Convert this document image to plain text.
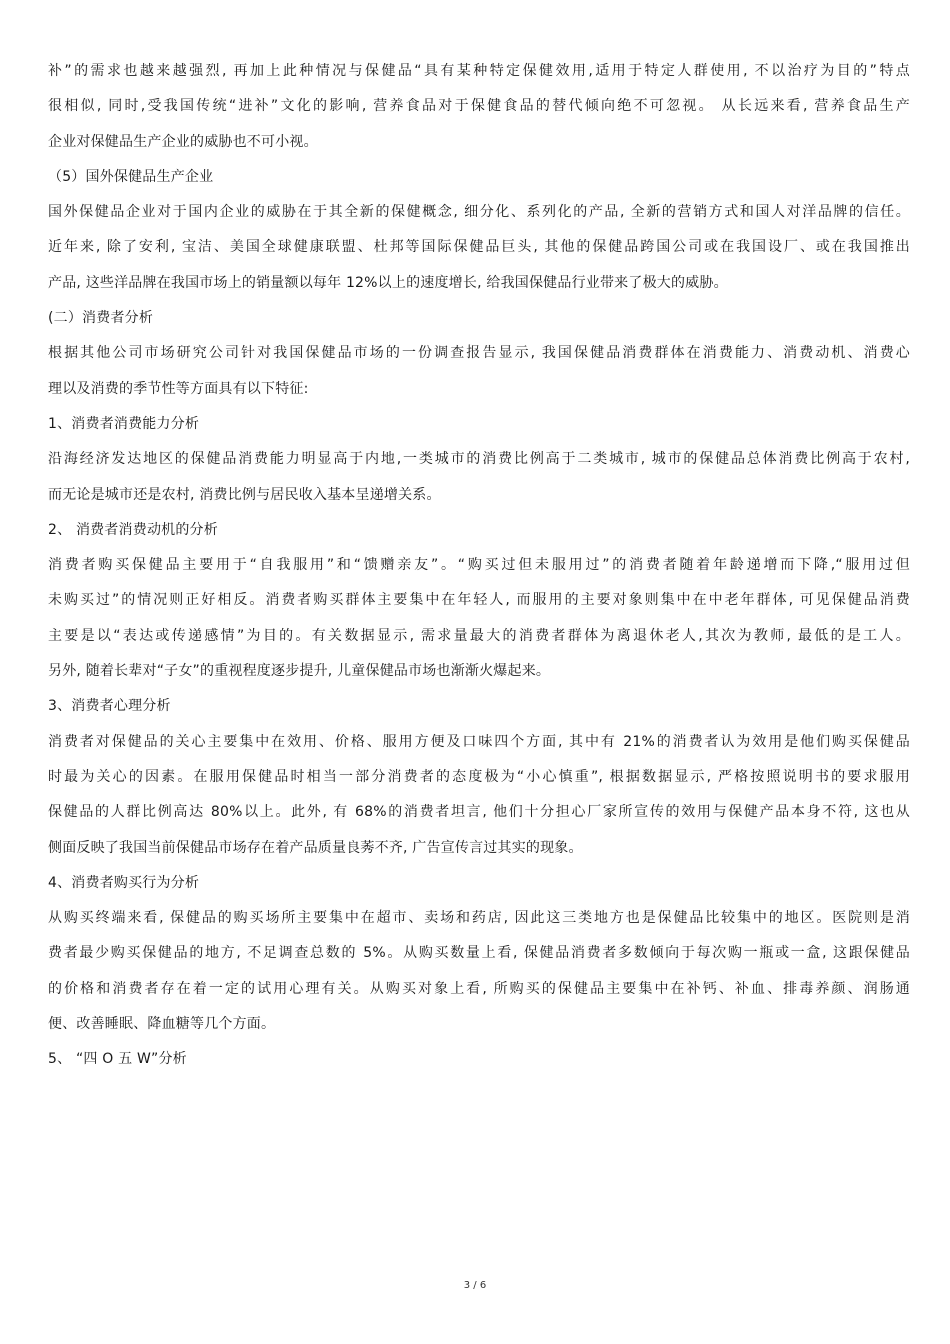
补”的需求也越来越强烈, 再加上此种情况与保健品“具有某种特定保健效用,适用于特定人群使用, 不以治疗为目的”特点
很相似, 同时,受我国传统“进补”文化的影响, 营养食品对于保健食品的替代倾向绝不可忽视。 从长远来看, 营养食品生产
企业对保健品生产企业的威胁也不可小视。
（5）国外保健品生产企业
国外保健品企业对于国内企业的威胁在于其全新的保健概念, 细分化、系列化的产品, 全新的营销方式和国人对洋品牌的信任。
近年来, 除了安利, 宝洁、美国全球健康联盟、杜邦等国际保健品巨头, 其他的保健品跨国公司或在我国设厂、或在我国推出
产品, 这些洋品牌在我国市场上的销量额以每年 12%以上的速度增长, 给我国保健品行业带来了极大的威胁。
(二）消费者分析
根据其他公司市场研究公司针对我国保健品市场的一份调查报告显示, 我国保健品消费群体在消费能力、消费动机、消费心
理以及消费的季节性等方面具有以下特征:
1、消费者消费能力分析
沿海经济发达地区的保健品消费能力明显高于内地,一类城市的消费比例高于二类城市, 城市的保健品总体消费比例高于农村,
而无论是城市还是农村, 消费比例与居民收入基本呈递增关系。
2、 消费者消费动机的分析
消费者购买保健品主要用于“自我服用”和“馈赠亲友”。“购买过但未服用过”的消费者随着年龄递增而下降,“服用过但
未购买过”的情况则正好相反。消费者购买群体主要集中在年轻人, 而服用的主要对象则集中在中老年群体, 可见保健品消费
主要是以“表达或传递感情”为目的。有关数据显示, 需求量最大的消费者群体为离退休老人,其次为教师, 最低的是工人。
另外, 随着长辈对“子女”的重视程度逐步提升, 儿童保健品市场也渐渐火爆起来。
3、消费者心理分析
消费者对保健品的关心主要集中在效用、价格、服用方便及口味四个方面, 其中有 21%的消费者认为效用是他们购买保健品
时最为关心的因素。在服用保健品时相当一部分消费者的态度极为“小心慎重”, 根据数据显示, 严格按照说明书的要求服用
保健品的人群比例高达 80%以上。此外, 有 68%的消费者坦言, 他们十分担心厂家所宣传的效用与保健产品本身不符, 这也从
侧面反映了我国当前保健品市场存在着产品质量良莠不齐, 广告宣传言过其实的现象。
4、消费者购买行为分析
从购买终端来看, 保健品的购买场所主要集中在超市、卖场和药店, 因此这三类地方也是保健品比较集中的地区。医院则是消
费者最少购买保健品的地方, 不足调查总数的 5%。从购买数量上看, 保健品消费者多数倾向于每次购一瓶或一盒, 这跟保健品
的价格和消费者存在着一定的试用心理有关。从购买对象上看, 所购买的保健品主要集中在补钙、补血、排毒养颜、润肠通
便、改善睡眠、降血糖等几个方面。
5、 “四 O 五 W”分析
3 / 6
